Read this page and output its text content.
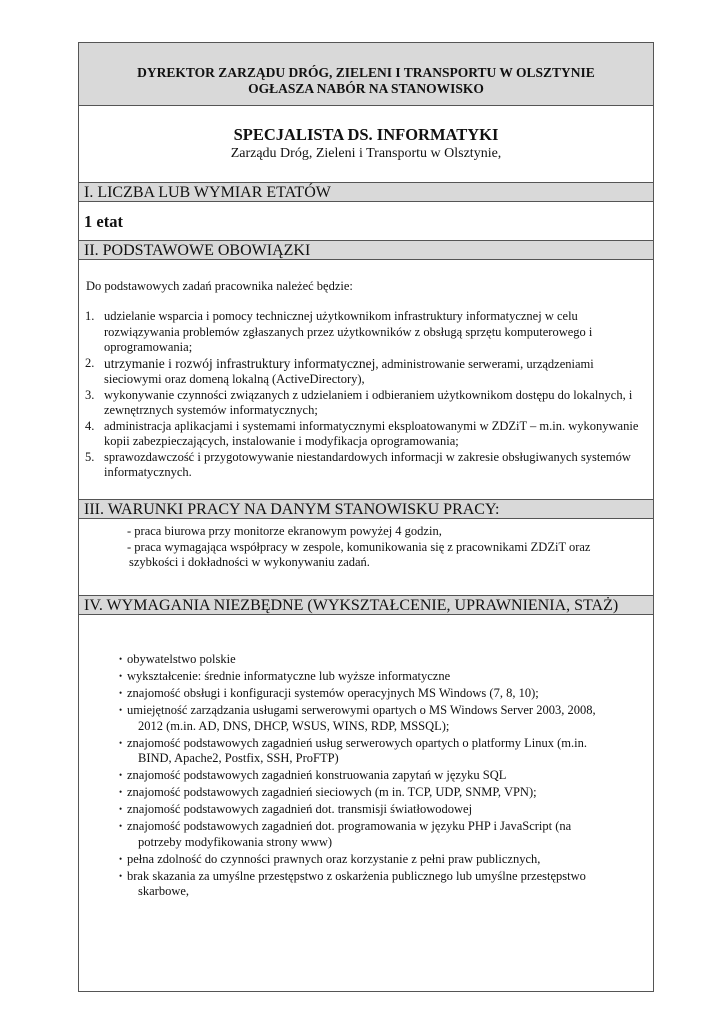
DYREKTOR ZARZĄDU DRÓG, ZIELENI I TRANSPORTU W OLSZTYNIE
OGŁASZA NABÓR NA STANOWISKO
SPECJALISTA DS. INFORMATYKI
Zarządu Dróg, Zieleni i Transportu w Olsztynie,
I. LICZBA LUB WYMIAR ETATÓW
1 etat
II. PODSTAWOWE OBOWIĄZKI
Do podstawowych zadań pracownika należeć będzie:
1. udzielanie wsparcia i pomocy technicznej użytkownikom infrastruktury informatycznej w celu rozwiązywania problemów zgłaszanych przez użytkowników z obsługą sprzętu komputerowego i oprogramowania;
2. utrzymanie i rozwój infrastruktury informatycznej, administrowanie serwerami, urządzeniami sieciowymi oraz domeną lokalną (ActiveDirectory),
3. wykonywanie czynności związanych z udzielaniem i odbieraniem użytkownikom dostępu do lokalnych, i zewnętrznych systemów informatycznych;
4. administracja aplikacjami i systemami informatycznymi eksploatowanymi w ZDZiT – m.in. wykonywanie kopii zabezpieczających, instalowanie i modyfikacja oprogramowania;
5. sprawozdawczość i przygotowywanie niestandardowych informacji w zakresie obsługiwanych systemów informatycznych.
III. WARUNKI PRACY NA DANYM STANOWISKU PRACY:
- praca biurowa przy monitorze ekranowym powyżej 4 godzin,
- praca wymagająca współpracy w zespole, komunikowania się z pracownikami ZDZiT oraz
szybkości i dokładności w wykonywaniu zadań.
IV. WYMAGANIA NIEZBĘDNE (WYKSZTAŁCENIE, UPRAWNIENIA, STAŻ)
• obywatelstwo polskie
• wykształcenie: średnie informatyczne lub wyższe informatyczne
• znajomość obsługi i konfiguracji systemów operacyjnych MS Windows (7, 8, 10);
• umiejętność zarządzania usługami serwerowymi opartych o MS Windows Server 2003, 2008,
2012 (m.in. AD, DNS, DHCP, WSUS, WINS, RDP, MSSQL);
• znajomość podstawowych zagadnień usług serwerowych opartych o platformy Linux (m.in.
BIND, Apache2, Postfix, SSH, ProFTP)
• znajomość podstawowych zagadnień konstruowania zapytań w języku SQL
• znajomość podstawowych zagadnień sieciowych (m in. TCP, UDP, SNMP, VPN);
• znajomość podstawowych zagadnień dot. transmisji światłowodowej
• znajomość podstawowych zagadnień dot. programowania w języku PHP i JavaScript (na
potrzeby modyfikowania strony www)
• pełna zdolność do czynności prawnych oraz korzystanie z pełni praw publicznych,
• brak skazania za umyślne przestępstwo z oskarżenia publicznego lub umyślne przestępstwo
skarbowe,
